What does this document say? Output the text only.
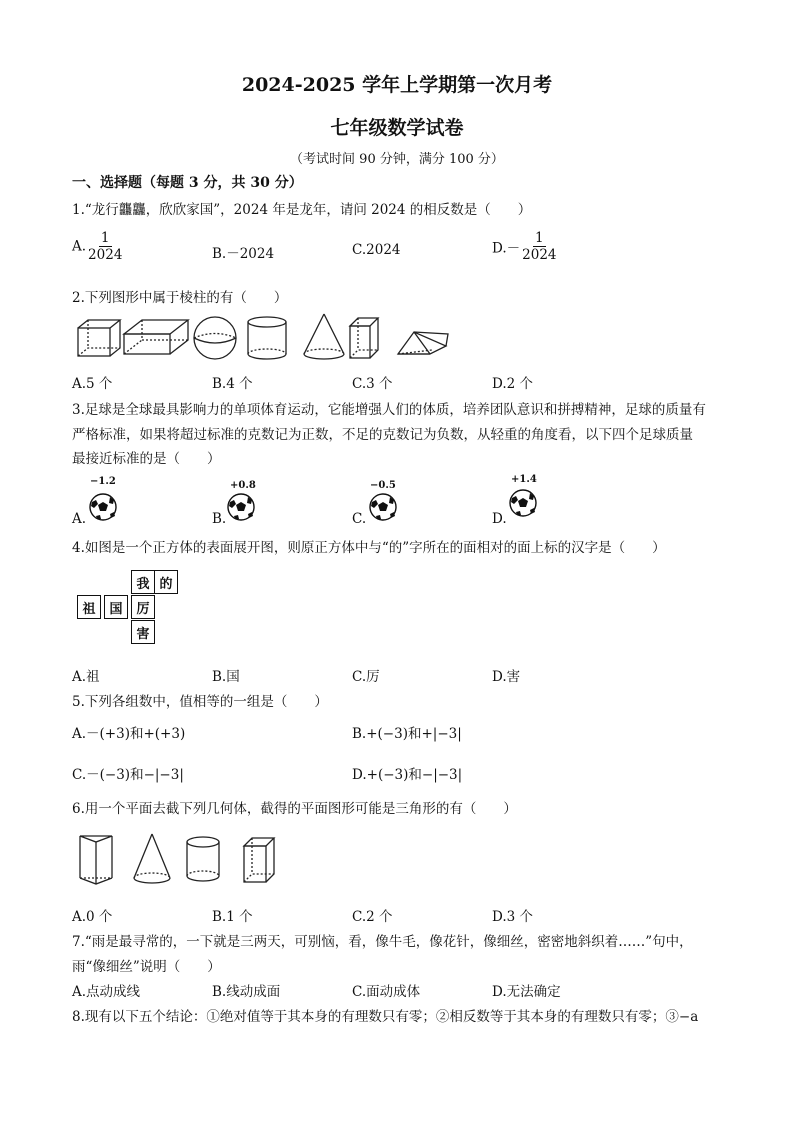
2024-2025 学年上学期第一次月考
七年级数学试卷
（考试时间 90 分钟，满分 100 分）
一、选择题（每题 3 分，共 30 分）
1.“龙行龘龘，欣欣家国”，2024 年是龙年，请问 2024 的相反数是（　　）
A. $\frac{1}{2024}$	B.－2024	C.2024	$D.- \frac{1}{2024}$
2.下列图形中属于棱柱的有（　　）
A.5 个	B.4 个	C.3 个	D.2 个
3.足球是全球最具影响力的单项体育运动，它能增强人们的体质，培养团队意识和拼搏精神，足球的质量有
严格标准，如果将超过标准的克数记为正数，不足的克数记为负数，从轻重的角度看，以下四个足球质量
最接近标准的是（　　）
−1.2	+0.8	−0.5
+1.4
A.	B.	C.	D.
4.如图是一个正方体的表面展开图，则原正方体中与“的”字所在的面相对的面上标的汉字是（　　）
我 的
祖	国	厉
害
A.祖	B.国	C.厉	D.害
5.下列各组数中，值相等的一组是（　　）
A.－(+3)和+(+3)	B.+(−3)和+|−3|
C.－(−3)和−|−3|	D.+(−3)和−|−3|
6.用一个平面去截下列几何体，截得的平面图形可能是三角形的有（　　）
A.0 个	B.1 个	C.2 个	D.3 个
7.“雨是最寻常的，一下就是三两天，可别恼，看，像牛毛，像花针，像细丝，密密地斜织着……”句中，
雨“像细丝”说明（　　）
A.点动成线	B.线动成面	C.面动成体	D.无法确定
8.现有以下五个结论：①绝对值等于其本身的有理数只有零；②相反数等于其本身的有理数只有零；③−a
